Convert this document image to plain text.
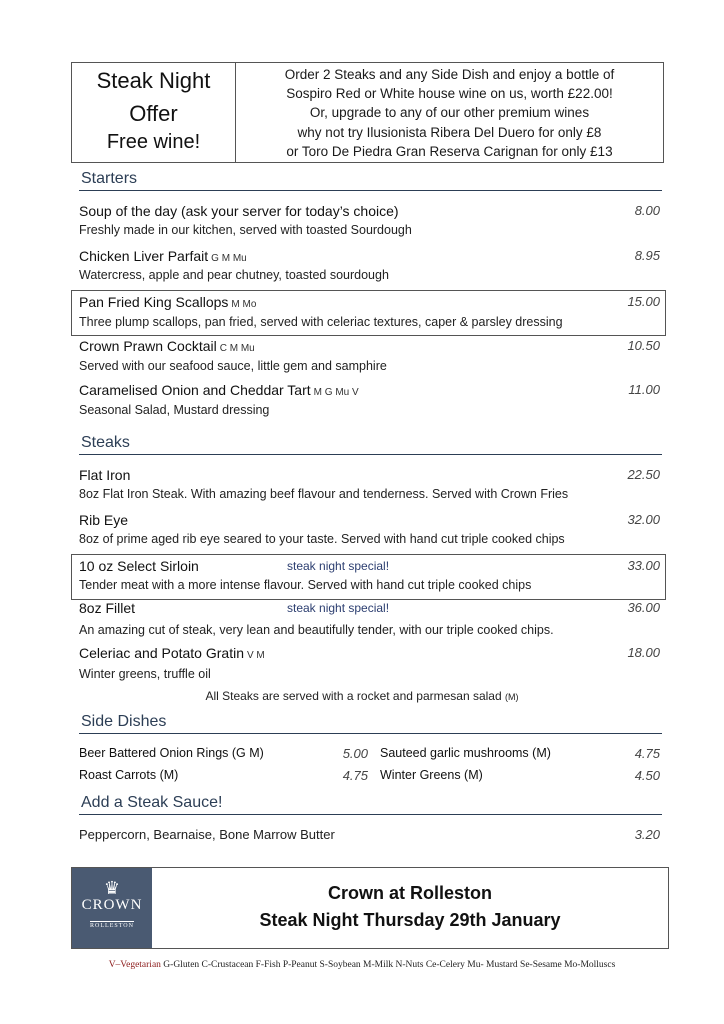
Steak Night
Offer
Free wine!
Order 2 Steaks and any Side Dish and enjoy a bottle of
Sospiro Red or White house wine on us, worth £22.00!
Or, upgrade to any of our other premium wines
why not try Ilusionista Ribera Del Duero for only £8
or Toro De Piedra Gran Reserva Carignan for only £13
Starters
Soup of the day (ask your server for today’s choice)	8.00
Freshly made in our kitchen, served with toasted Sourdough
Chicken Liver Parfait G M Mu	8.95
Watercress, apple and pear chutney, toasted sourdough
Pan Fried King Scallops M Mo	15.00
Three plump scallops, pan fried, served with celeriac textures, caper & parsley dressing
Crown Prawn Cocktail C M Mu	10.50
Served with our seafood sauce, little gem and samphire
Caramelised Onion and Cheddar Tart M G Mu V	11.00
Seasonal Salad, Mustard dressing
Steaks
Flat Iron	22.50
8oz Flat Iron Steak. With amazing beef flavour and tenderness. Served with Crown Fries
Rib Eye	32.00
8oz of prime aged rib eye seared to your taste. Served with hand cut triple cooked chips
10 oz Select Sirloin	steak night special!	33.00
Tender meat with a more intense flavour. Served with hand cut triple cooked chips
8oz Fillet	steak night special!	36.00
An amazing cut of steak, very lean and beautifully tender, with our triple cooked chips.
Celeriac and Potato Gratin V M	18.00
Winter greens, truffle oil
All Steaks are served with a rocket and parmesan salad (M)
Side Dishes
Beer Battered Onion Rings (G M)	5.00 Sauteed garlic mushrooms (M)	4.75
Roast Carrots (M)	4.75 Winter Greens (M)	4.50
Add a Steak Sauce!
Peppercorn, Bearnaise, Bone Marrow Butter	3.20
♛
CROWN
ROLLESTON
Crown at Rolleston
Steak Night Thursday 29th January
V–Vegetarian G-Gluten C-Crustacean F-Fish P-Peanut S-Soybean M-Milk N-Nuts Ce-Celery Mu- Mustard Se-Sesame Mo-Molluscs
